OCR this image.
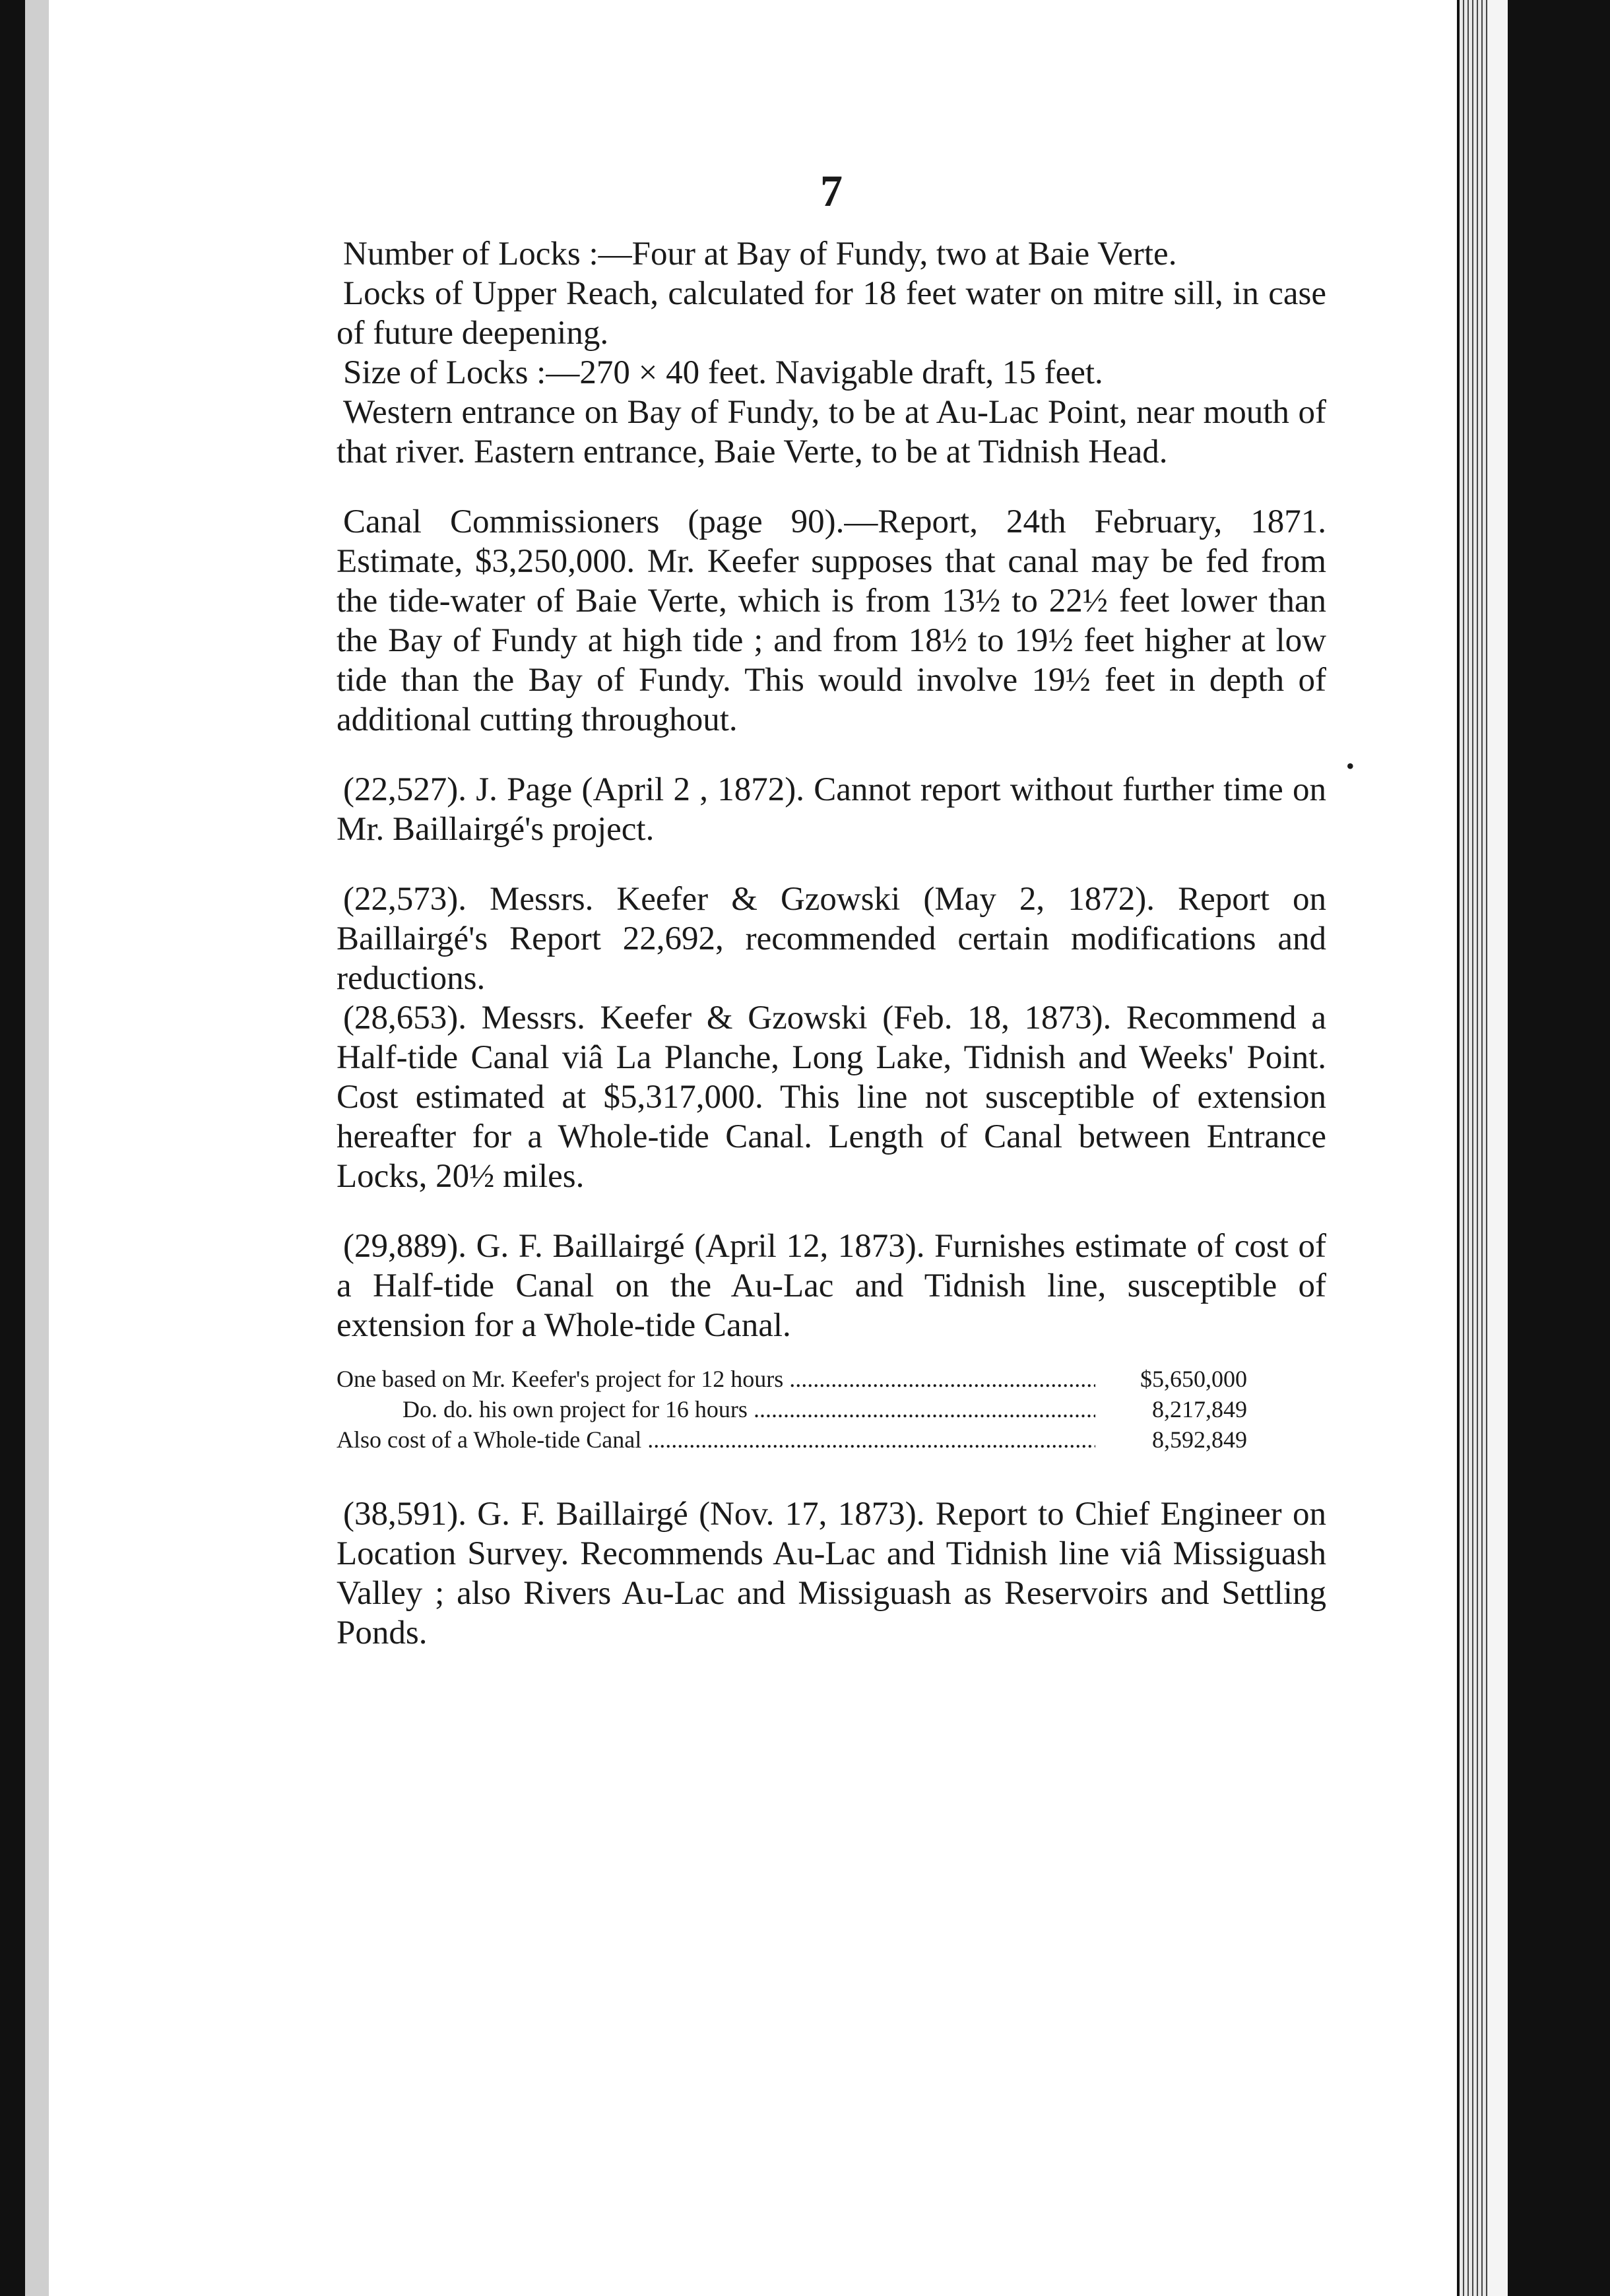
•
7

Number of Locks :—Four at Bay of Fundy, two at Baie Verte.

Locks of Upper Reach, calculated for 18 feet water on mitre sill, in case of future deepening.

Size of Locks :—270 × 40 feet. Navigable draft, 15 feet.

Western entrance on Bay of Fundy, to be at Au-Lac Point, near mouth of that river. Eastern entrance, Baie Verte, to be at Tidnish Head.

Canal Commissioners (page 90).—Report, 24th February, 1871. Estimate, $3,250,000. Mr. Keefer supposes that canal may be fed from the tide-water of Baie Verte, which is from 13½ to 22½ feet lower than the Bay of Fundy at high tide ; and from 18½ to 19½ feet higher at low tide than the Bay of Fundy. This would involve 19½ feet in depth of additional cutting throughout.

(22,527). J. Page (April 2 , 1872). Cannot report without further time on Mr. Baillairgé's project.

(22,573). Messrs. Keefer & Gzowski (May 2, 1872). Report on Baillairgé's Report 22,692, recommended certain modifications and reductions.

(28,653). Messrs. Keefer & Gzowski (Feb. 18, 1873). Recommend a Half-tide Canal viâ La Planche, Long Lake, Tidnish and Weeks' Point. Cost estimated at $5,317,000. This line not susceptible of extension hereafter for a Whole-tide Canal. Length of Canal between Entrance Locks, 20½ miles.

(29,889). G. F. Baillairgé (April 12, 1873). Furnishes estimate of cost of a Half-tide Canal on the Au-Lac and Tidnish line, susceptible of extension for a Whole-tide Canal.

One based on Mr. Keefer's project for 12 hours .....	$5,650,000
Do. do. his own project for 16 hours .....	8,217,849
Also cost of a Whole-tide Canal .....	8,592,849

(38,591). G. F. Baillairgé (Nov. 17, 1873). Report to Chief Engineer on Location Survey. Recommends Au-Lac and Tidnish line viâ Missiguash Valley ; also Rivers Au-Lac and Missiguash as Reservoirs and Settling Ponds.
